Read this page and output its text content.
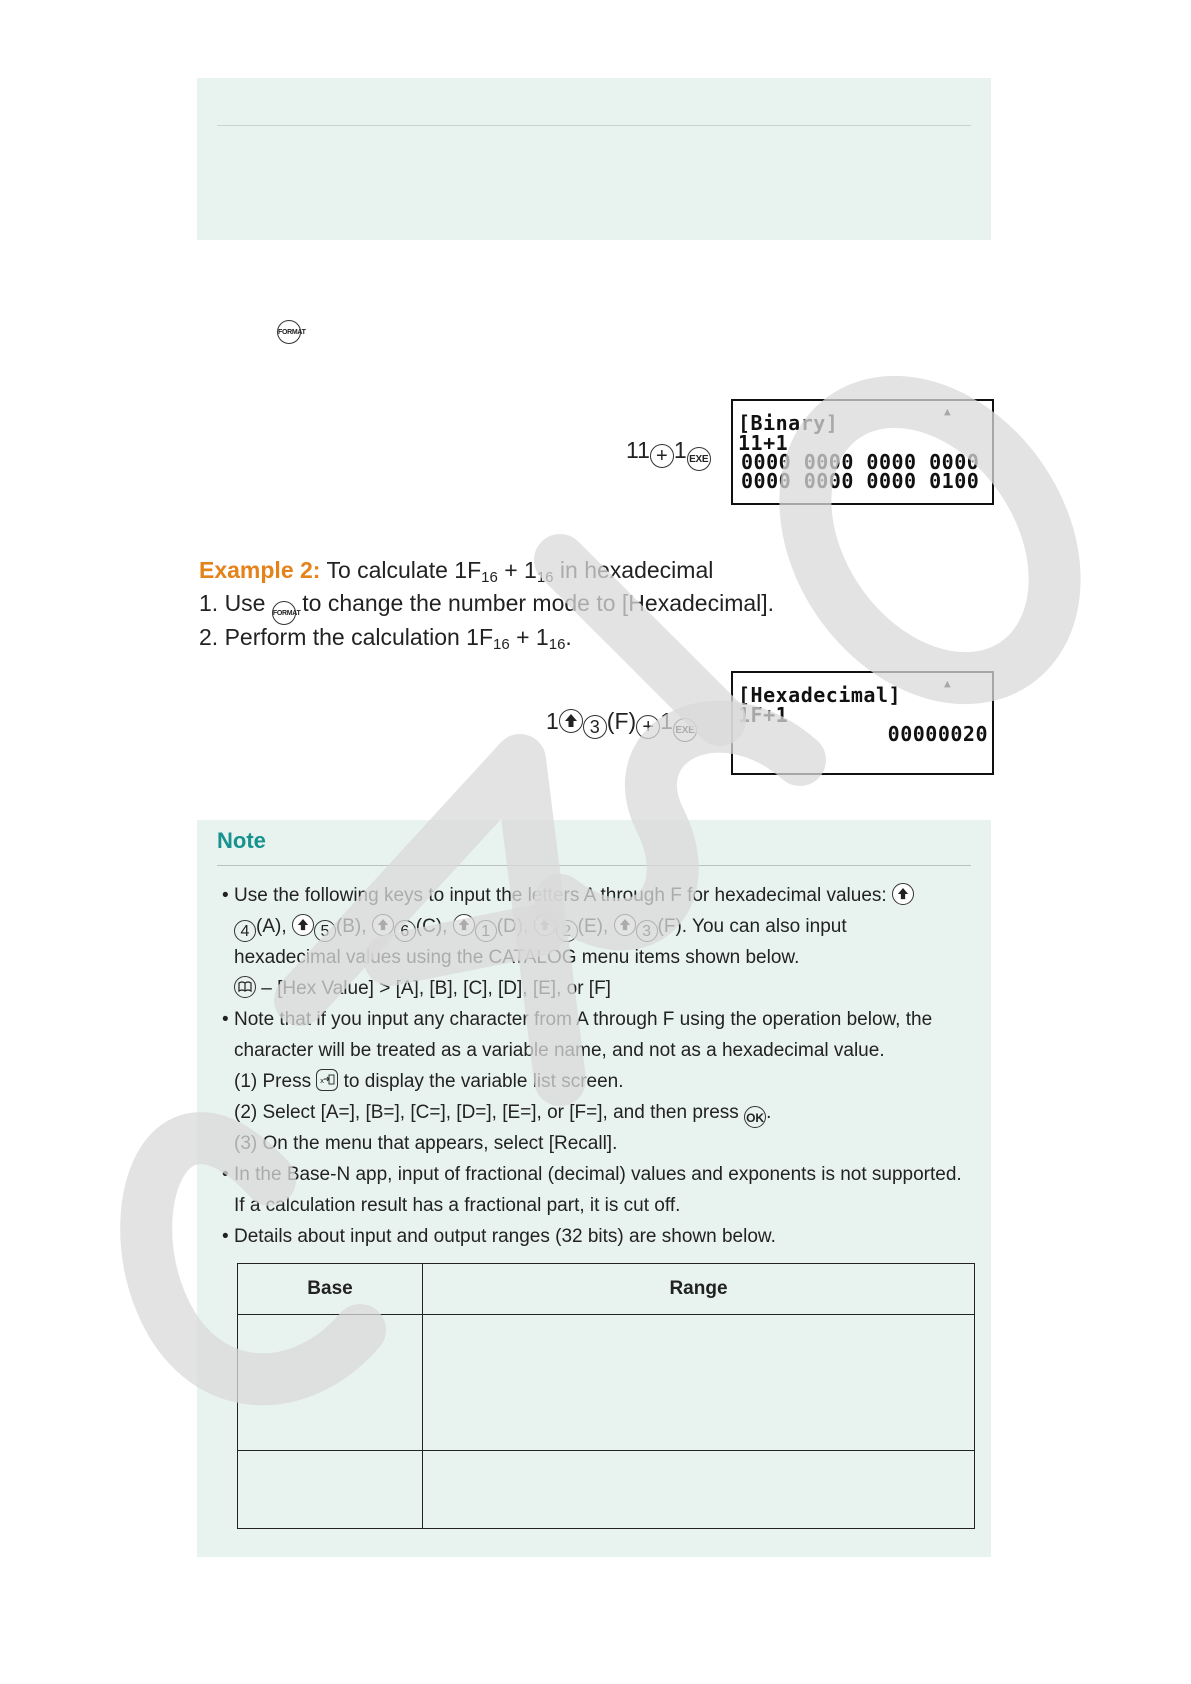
FORMAT
11 + 1 EXE
▲
[Binary]
11+1
0000 0000 0000 0000
0000 0000 0000 0100
Example 2: To calculate $1F_{16} + 1_{16}$ in hexadecimal
1. Use FORMAT to change the number mode to [Hexadecimal].
2. Perform the calculation $1F_{16} + 1_{16}$.
1 3 (F) + 1 EXE
▲
[Hexadecimal]
1F+1
00000020
Note
• Use the following keys to input the letters A through F for hexadecimal values:

4 (A), 5 (B), 6 (C), 1 (D), 2 (E), 3 (F). You can also input
hexadecimal values using the CATALOG menu items shown below.

– [Hex Value] > [A], [B], [C], [D], [E], or [F]
• Note that if you input any character from A through F using the operation below, the
character will be treated as a variable name, and not as a hexadecimal value.
(1) Press x to display the variable list screen.
(2) Select [A=], [B=], [C=], [D=], [E=], or [F=], and then press OK .
(3) On the menu that appears, select [Recall].
• In the Base-N app, input of fractional (decimal) values and exponents is not supported.
If a calculation result has a fractional part, it is cut off.
• Details about input and output ranges (32 bits) are shown below.
Base	Range
